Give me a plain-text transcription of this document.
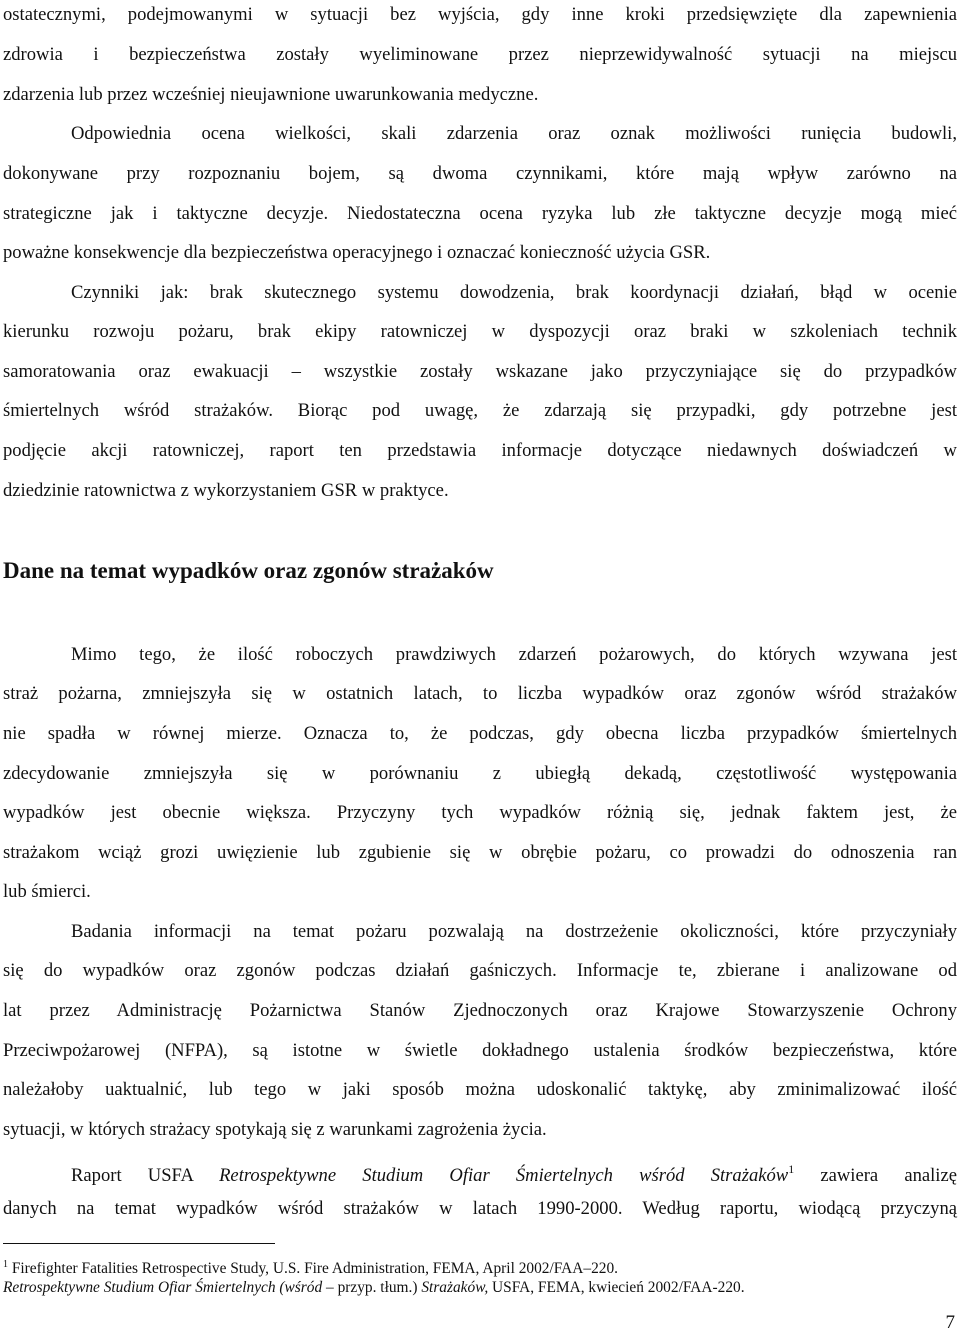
ostatecznymi, podejmowanymi w sytuacji bez wyjścia, gdy inne kroki przedsięwzięte dla zapewnienia
zdrowia i bezpieczeństwa zostały wyeliminowane przez nieprzewidywalność sytuacji na miejscu
zdarzenia lub przez wcześniej nieujawnione uwarunkowania medyczne.
Odpowiednia ocena wielkości, skali zdarzenia oraz oznak możliwości runięcia budowli,
dokonywane przy rozpoznaniu bojem, są dwoma czynnikami, które mają wpływ zarówno na
strategiczne jak i taktyczne decyzje. Niedostateczna ocena ryzyka lub złe taktyczne decyzje mogą mieć
poważne konsekwencje dla bezpieczeństwa operacyjnego i oznaczać konieczność użycia GSR.
Czynniki jak: brak skutecznego systemu dowodzenia, brak koordynacji działań, błąd w ocenie
kierunku rozwoju pożaru, brak ekipy ratowniczej w dyspozycji oraz braki w szkoleniach technik
samoratowania oraz ewakuacji – wszystkie zostały wskazane jako przyczyniające się do przypadków
śmiertelnych wśród strażaków. Biorąc pod uwagę, że zdarzają się przypadki, gdy potrzebne jest
podjęcie akcji ratowniczej, raport ten przedstawia informacje dotyczące niedawnych doświadczeń w
dziedzinie ratownictwa z wykorzystaniem GSR w praktyce.
Dane na temat wypadków oraz zgonów strażaków
Mimo tego, że ilość roboczych prawdziwych zdarzeń pożarowych, do których wzywana jest
straż pożarna, zmniejszyła się w ostatnich latach, to liczba wypadków oraz zgonów wśród strażaków
nie spadła w równej mierze. Oznacza to, że podczas, gdy obecna liczba przypadków śmiertelnych
zdecydowanie zmniejszyła się w porównaniu z ubiegłą dekadą, częstotliwość występowania
wypadków jest obecnie większa. Przyczyny tych wypadków różnią się, jednak faktem jest, że
strażakom wciąż grozi uwięzienie lub zgubienie się w obrębie pożaru, co prowadzi do odnoszenia ran
lub śmierci.
Badania informacji na temat pożaru pozwalają na dostrzeżenie okoliczności, które przyczyniały
się do wypadków oraz zgonów podczas działań gaśniczych. Informacje te, zbierane i analizowane od
lat przez Administrację Pożarnictwa Stanów Zjednoczonych oraz Krajowe Stowarzyszenie Ochrony
Przeciwpożarowej (NFPA), są istotne w świetle dokładnego ustalenia środków bezpieczeństwa, które
należałoby uaktualnić, lub tego w jaki sposób można udoskonalić taktykę, aby zminimalizować ilość
sytuacji, w których strażacy spotykają się z warunkami zagrożenia życia.
Raport USFA Retrospektywne Studium Ofiar Śmiertelnych wśród Strażaków$^1$ zawiera analizę
danych na temat wypadków wśród strażaków w latach 1990-2000. Według raportu, wiodącą przyczyną
$^1$ Firefighter Fatalities Retrospective Study, U.S. Fire Administration, FEMA, April 2002/FAA–220.
Retrospektywne Studium Ofiar Śmiertelnych (wśród – przyp. tłum.) Strażaków, USFA, FEMA, kwiecień 2002/FAA-220.
7
